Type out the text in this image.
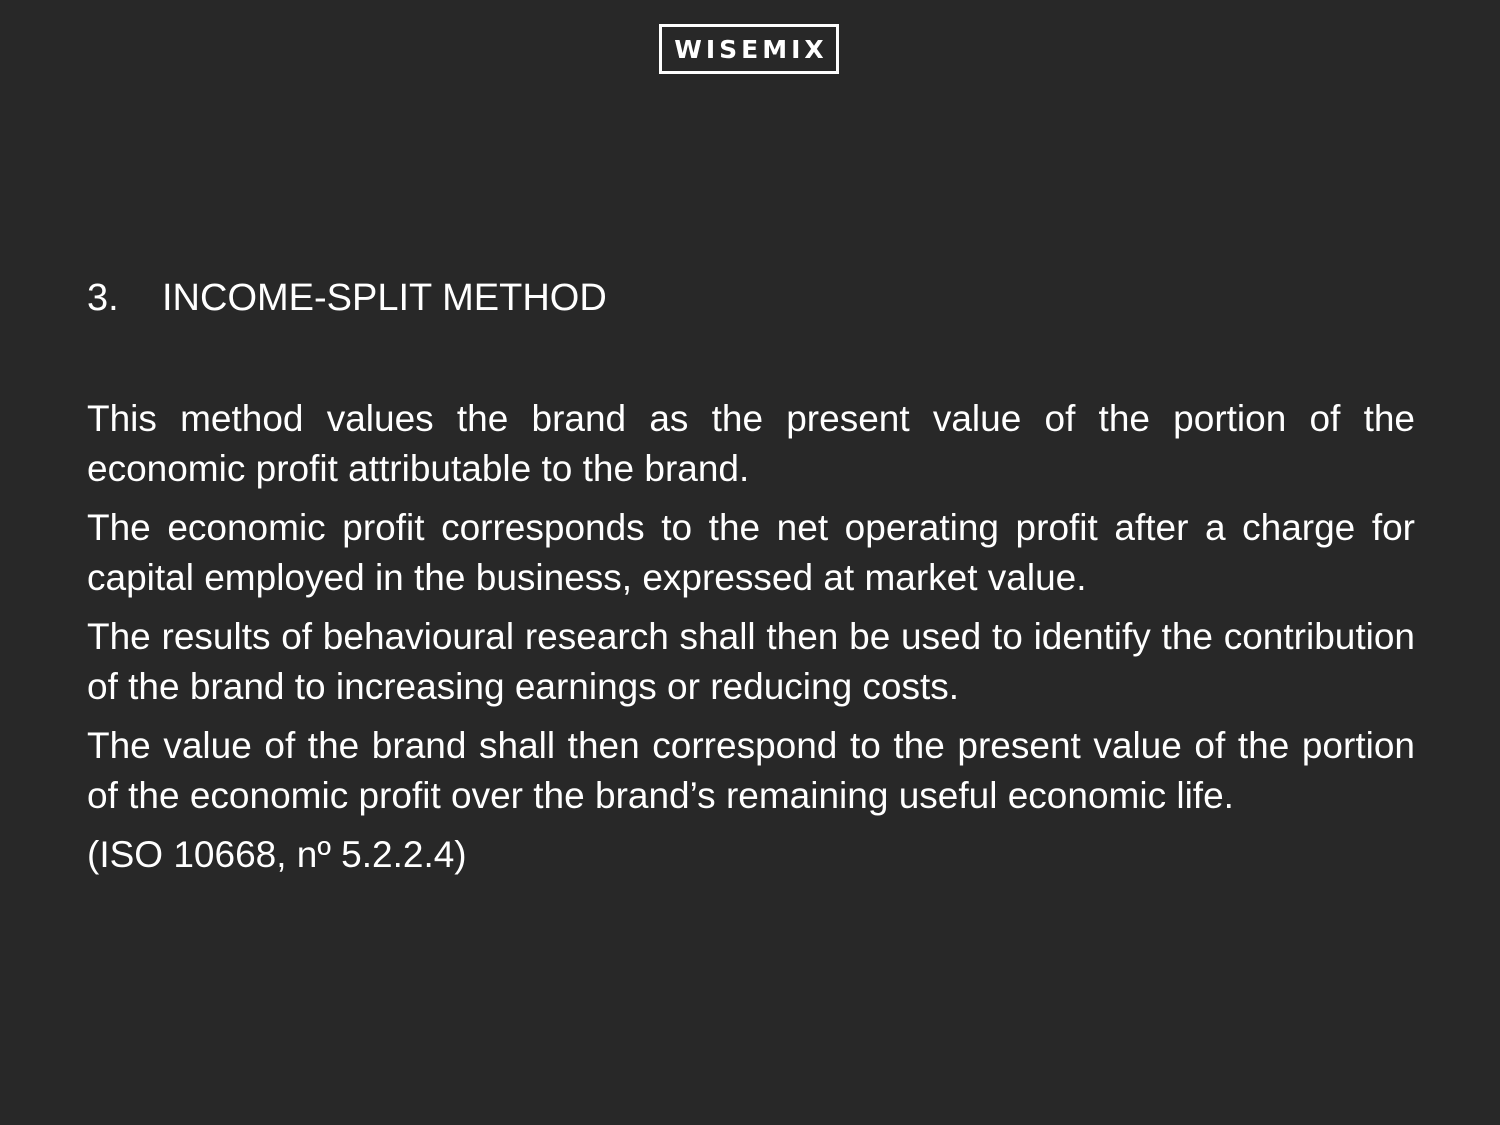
WISEMIX
3.	INCOME-SPLIT METHOD

This method values the brand as the present value of the portion of the economic profit attributable to the brand.

The economic profit corresponds to the net operating profit after a charge for capital employed in the business, expressed at market value.

The results of behavioural research shall then be used to identify the contribution of the brand to increasing earnings or reducing costs.

The value of the brand shall then correspond to the present value of the portion of the economic profit over the brand’s remaining useful economic life.

(ISO 10668, nº 5.2.2.4)
